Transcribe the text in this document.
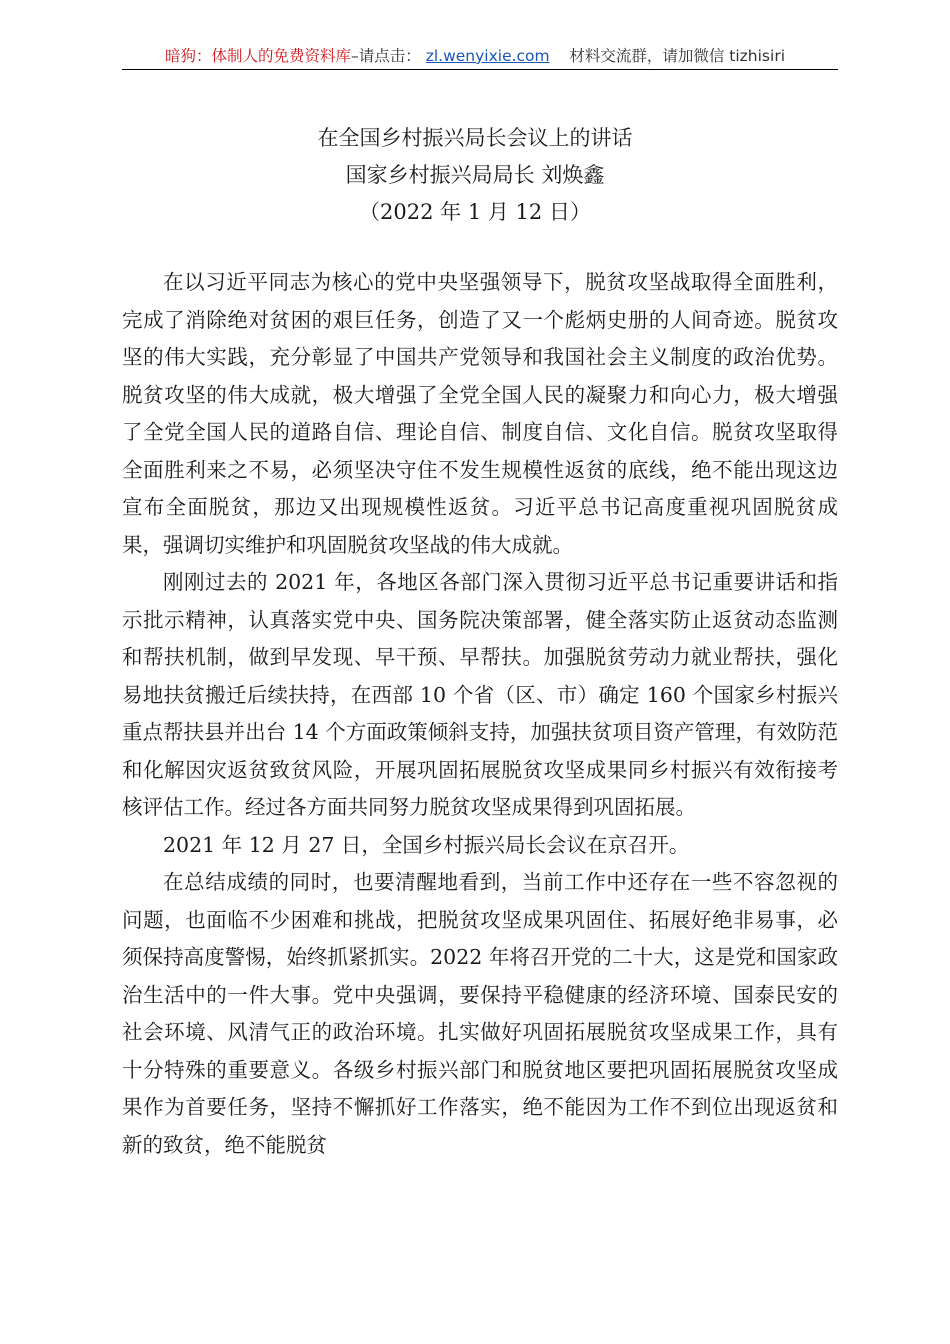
暗狗：体制人的免费资料库–请点击： zl.wenyixie.com 材料交流群，请加微信 tizhisiri
在全国乡村振兴局长会议上的讲话
国家乡村振兴局局长 刘焕鑫
（2022 年 1 月 12 日）

在以习近平同志为核心的党中央坚强领导下，脱贫攻坚战取得全面胜利，完成了消除绝对贫困的艰巨任务，创造了又一个彪炳史册的人间奇迹。脱贫攻坚的伟大实践，充分彰显了中国共产党领导和我国社会主义制度的政治优势。脱贫攻坚的伟大成就，极大增强了全党全国人民的凝聚力和向心力，极大增强了全党全国人民的道路自信、理论自信、制度自信、文化自信。脱贫攻坚取得全面胜利来之不易，必须坚决守住不发生规模性返贫的底线，绝不能出现这边宣布全面脱贫，那边又出现规模性返贫。习近平总书记高度重视巩固脱贫成果，强调切实维护和巩固脱贫攻坚战的伟大成就。

刚刚过去的 2021 年，各地区各部门深入贯彻习近平总书记重要讲话和指示批示精神，认真落实党中央、国务院决策部署，健全落实防止返贫动态监测和帮扶机制，做到早发现、早干预、早帮扶。加强脱贫劳动力就业帮扶，强化易地扶贫搬迁后续扶持，在西部 10 个省（区、市）确定 160 个国家乡村振兴重点帮扶县并出台 14 个方面政策倾斜支持，加强扶贫项目资产管理，有效防范和化解因灾返贫致贫风险，开展巩固拓展脱贫攻坚成果同乡村振兴有效衔接考核评估工作。经过各方面共同努力脱贫攻坚成果得到巩固拓展。

2021 年 12 月 27 日，全国乡村振兴局长会议在京召开。

在总结成绩的同时，也要清醒地看到，当前工作中还存在一些不容忽视的问题，也面临不少困难和挑战，把脱贫攻坚成果巩固住、拓展好绝非易事，必须保持高度警惕，始终抓紧抓实。2022 年将召开党的二十大，这是党和国家政治生活中的一件大事。党中央强调，要保持平稳健康的经济环境、国泰民安的社会环境、风清气正的政治环境。扎实做好巩固拓展脱贫攻坚成果工作，具有十分特殊的重要意义。各级乡村振兴部门和脱贫地区要把巩固拓展脱贫攻坚成果作为首要任务，坚持不懈抓好工作落实，绝不能因为工作不到位出现返贫和新的致贫，绝不能脱贫
